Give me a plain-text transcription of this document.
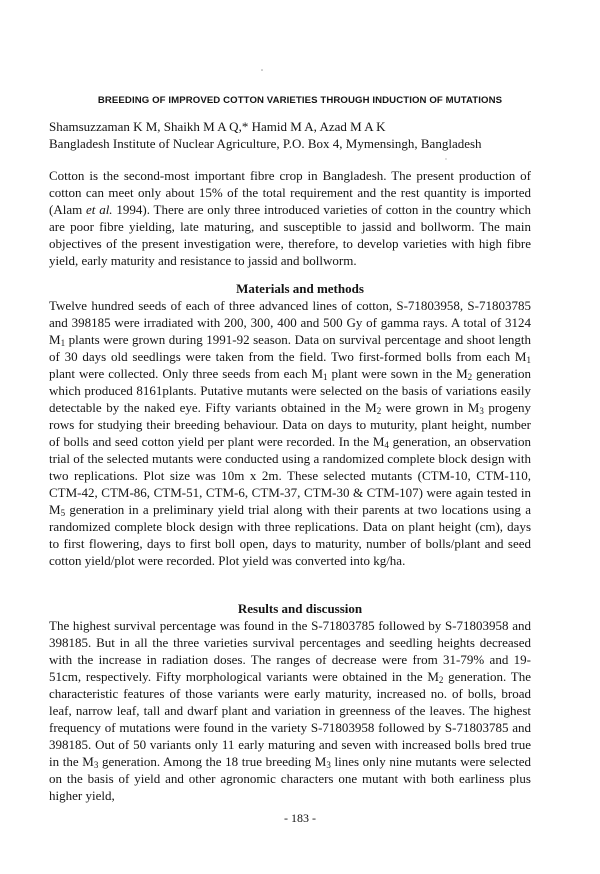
BREEDING OF IMPROVED COTTON VARIETIES THROUGH INDUCTION OF MUTATIONS
Shamsuzzaman K M, Shaikh M A Q,* Hamid M A, Azad M A K
Bangladesh Institute of Nuclear Agriculture, P.O. Box 4, Mymensingh, Bangladesh

Cotton is the second-most important fibre crop in Bangladesh. The present production of cotton can meet only about 15% of the total requirement and the rest quantity is imported (Alam et al. 1994). There are only three introduced varieties of cotton in the country which are poor fibre yielding, late maturing, and susceptible to jassid and bollworm. The main objectives of the present investigation were, therefore, to develop varieties with high fibre yield, early maturity and resistance to jassid and bollworm.

Materials and methods

Twelve hundred seeds of each of three advanced lines of cotton, S-71803958, S-71803785 and 398185 were irradiated with 200, 300, 400 and 500 Gy of gamma rays. A total of 3124 $M_1$ plants were grown during 1991-92 season. Data on survival percentage and shoot length of 30 days old seedlings were taken from the field. Two first-formed bolls from each $M_1$ plant were collected. Only three seeds from each $M_1$ plant were sown in the $M_2$ generation which produced 8161plants. Putative mutants were selected on the basis of variations easily detectable by the naked eye. Fifty variants obtained in the $M_2$ were grown in $M_3$ progeny rows for studying their breeding behaviour. Data on days to muturity, plant height, number of bolls and seed cotton yield per plant were recorded. In the $M_4$ generation, an observation trial of the selected mutants were conducted using a randomized complete block design with two replications. Plot size was 10m x 2m. These selected mutants (CTM-10, CTM-110, CTM-42, CTM-86, CTM-51, CTM-6, CTM-37, CTM-30 & CTM-107) were again tested in $M_5$ generation in a preliminary yield trial along with their parents at two locations using a randomized complete block design with three replications. Data on plant height (cm), days to first flowering, days to first boll open, days to maturity, number of bolls/plant and seed cotton yield/plot were recorded. Plot yield was converted into kg/ha.

Results and discussion

The highest survival percentage was found in the S-71803785 followed by S-71803958 and 398185. But in all the three varieties survival percentages and seedling heights decreased with the increase in radiation doses. The ranges of decrease were from 31-79% and 19-51cm, respectively. Fifty morphological variants were obtained in the $M_2$ generation. The characteristic features of those variants were early maturity, increased no. of bolls, broad leaf, narrow leaf, tall and dwarf plant and variation in greenness of the leaves. The highest frequency of mutations were found in the variety S-71803958 followed by S-71803785 and 398185. Out of 50 variants only 11 early maturing and seven with increased bolls bred true in the $M_3$ generation. Among the 18 true breeding $M_3$ lines only nine mutants were selected on the basis of yield and other agronomic characters one mutant with both earliness plus higher yield,

- 183 -
